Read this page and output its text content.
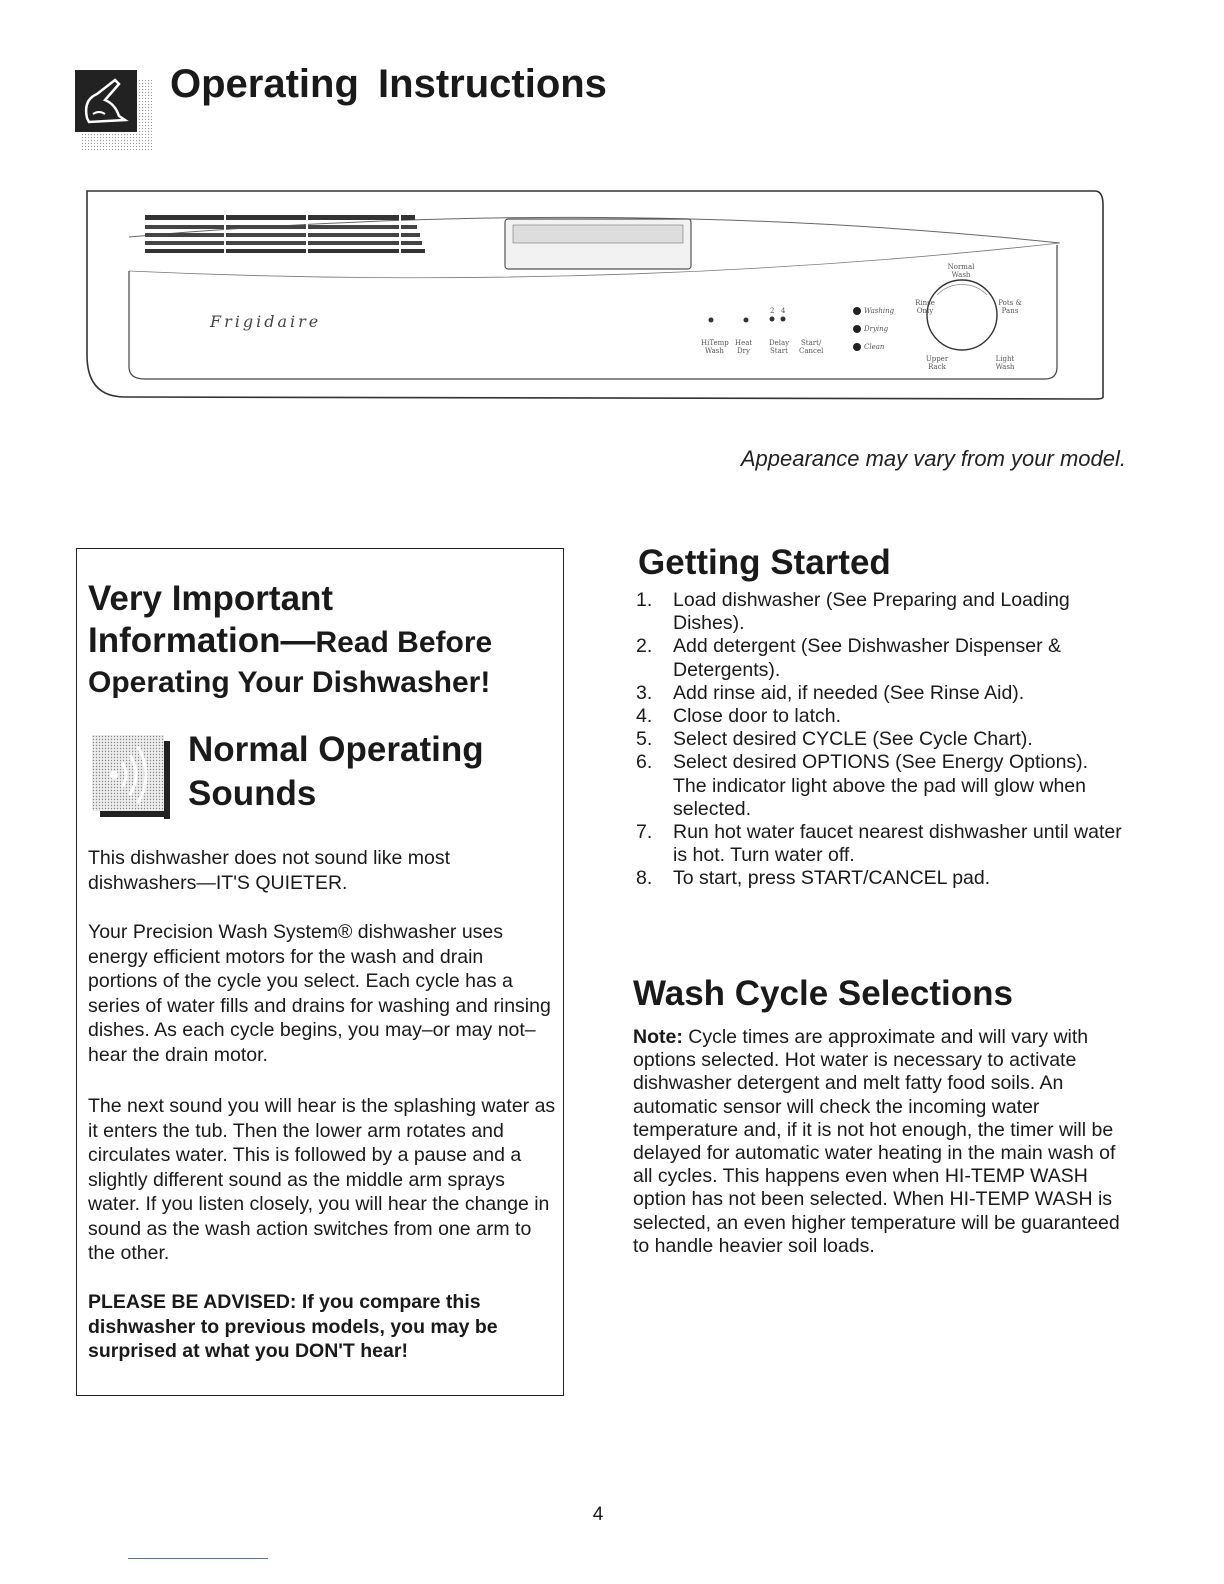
Operating Instructions
Frigidaire
2 4
HiTemp
Wash
Heat
Dry
Delay
Start
Start/
Cancel
Washing
Drying
Clean
Normal
Wash
Rinse
Only
Pots &
Pans
Upper
Rack
Light
Wash

Appearance may vary from your model.

Very Important
Information—Read Before
Operating Your Dishwasher!
Normal Operating
Sounds

This dishwasher does not sound like most dishwashers—IT'S QUIETER.

Your Precision Wash System® dishwasher uses energy efficient motors for the wash and drain portions of the cycle you select. Each cycle has a series of water fills and drains for washing and rinsing dishes. As each cycle begins, you may–or may not–hear the drain motor.

The next sound you will hear is the splashing water as it enters the tub. Then the lower arm rotates and circulates water. This is followed by a pause and a slightly different sound as the middle arm sprays water. If you listen closely, you will hear the change in sound as the wash action switches from one arm to the other.

PLEASE BE ADVISED: If you compare this dishwasher to previous models, you may be surprised at what you DON'T hear!

Getting Started
1. Load dishwasher (See Preparing and Loading Dishes).
2. Add detergent (See Dishwasher Dispenser & Detergents).
3. Add rinse aid, if needed (See Rinse Aid).
4. Close door to latch.
5. Select desired CYCLE (See Cycle Chart).
6. Select desired OPTIONS (See Energy Options). The indicator light above the pad will glow when selected.
7. Run hot water faucet nearest dishwasher until water is hot. Turn water off.
8. To start, press START/CANCEL pad.
Wash Cycle Selections

Note: Cycle times are approximate and will vary with options selected. Hot water is necessary to activate dishwasher detergent and melt fatty food soils. An automatic sensor will check the incoming water temperature and, if it is not hot enough, the timer will be delayed for automatic water heating in the main wash of all cycles. This happens even when HI-TEMP WASH option has not been selected. When HI-TEMP WASH is selected, an even higher temperature will be guaranteed to handle heavier soil loads.

4
